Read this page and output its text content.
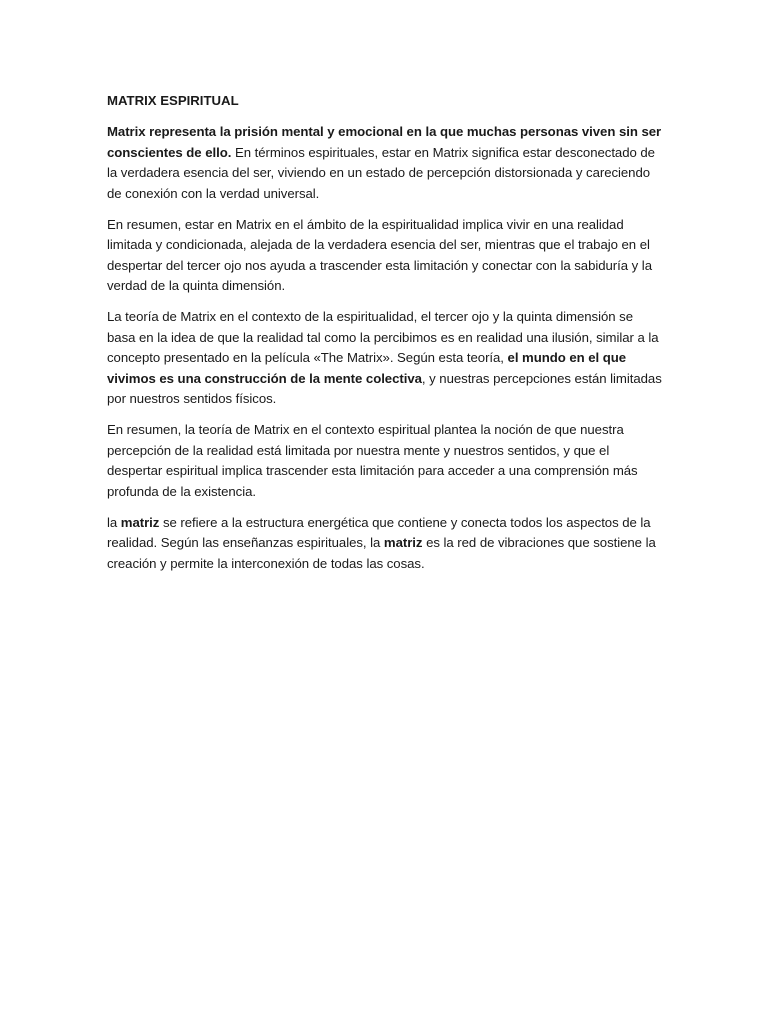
MATRIX ESPIRITUAL

Matrix representa la prisión mental y emocional en la que muchas personas viven sin ser conscientes de ello. En términos espirituales, estar en Matrix significa estar desconectado de la verdadera esencia del ser, viviendo en un estado de percepción distorsionada y careciendo de conexión con la verdad universal.

En resumen, estar en Matrix en el ámbito de la espiritualidad implica vivir en una realidad limitada y condicionada, alejada de la verdadera esencia del ser, mientras que el trabajo en el despertar del tercer ojo nos ayuda a trascender esta limitación y conectar con la sabiduría y la verdad de la quinta dimensión.

La teoría de Matrix en el contexto de la espiritualidad, el tercer ojo y la quinta dimensión se basa en la idea de que la realidad tal como la percibimos es en realidad una ilusión, similar a la concepto presentado en la película «The Matrix». Según esta teoría, el mundo en el que vivimos es una construcción de la mente colectiva, y nuestras percepciones están limitadas por nuestros sentidos físicos.

En resumen, la teoría de Matrix en el contexto espiritual plantea la noción de que nuestra percepción de la realidad está limitada por nuestra mente y nuestros sentidos, y que el despertar espiritual implica trascender esta limitación para acceder a una comprensión más profunda de la existencia.

la matriz se refiere a la estructura energética que contiene y conecta todos los aspectos de la realidad. Según las enseñanzas espirituales, la matriz es la red de vibraciones que sostiene la creación y permite la interconexión de todas las cosas.
